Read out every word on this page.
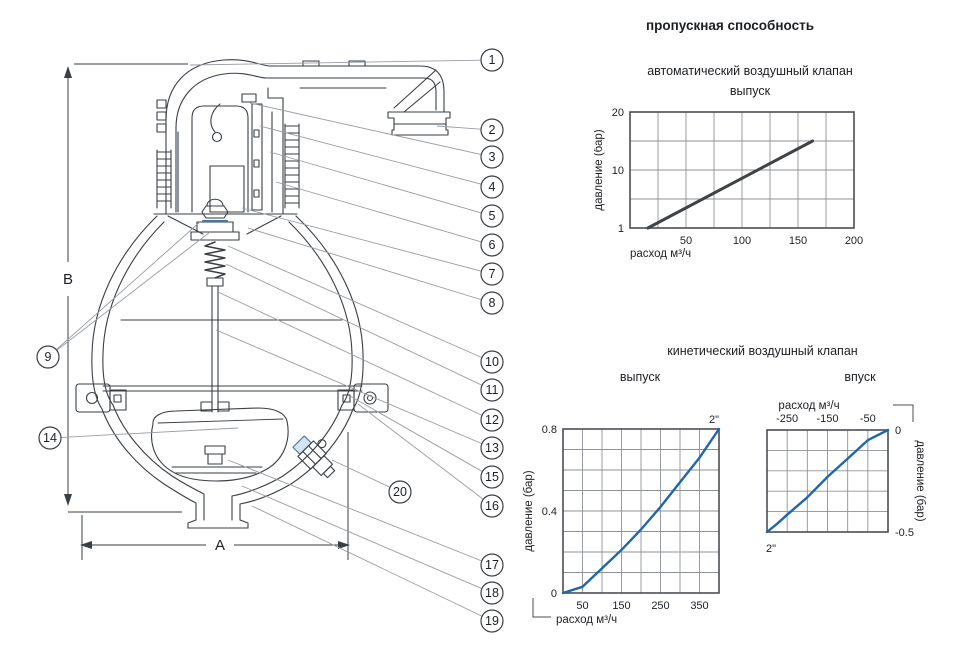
B
A
1
2
3
4
5
6
7
8
9	10
11
12
13
14
15
16
17
18
19
20
пропускная способность
автоматический воздушный клапан
выпуск
50	100	150	200
20
10
1
давление (бар)
расход м³/ч
кинетический воздушный клапан
выпуск	впуск
50 150 250 350
0.8
0.4
0
давление (бар)
расход м³/ч
2"	-250 -150 -50
0
-0.5
давление (бар)
расход м³/ч
2"
